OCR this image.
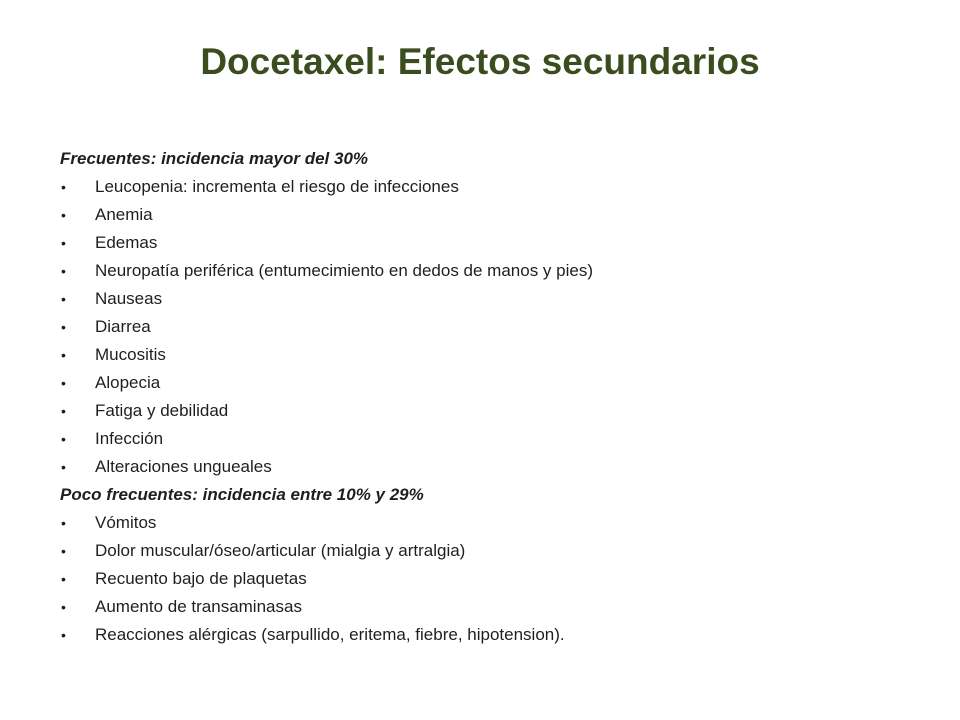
Docetaxel: Efectos secundarios

Frecuentes: incidencia mayor del 30%

• Leucopenia: incrementa el riesgo de infecciones
• Anemia
• Edemas
• Neuropatía periférica (entumecimiento en dedos de manos y pies)
• Nauseas
• Diarrea
• Mucositis
• Alopecia
• Fatiga y debilidad
• Infección
• Alteraciones ungueales

Poco frecuentes: incidencia entre 10% y 29%

• Vómitos
• Dolor muscular/óseo/articular (mialgia y artralgia)
• Recuento bajo de plaquetas
• Aumento de transaminasas
• Reacciones alérgicas (sarpullido, eritema, fiebre, hipotension).
